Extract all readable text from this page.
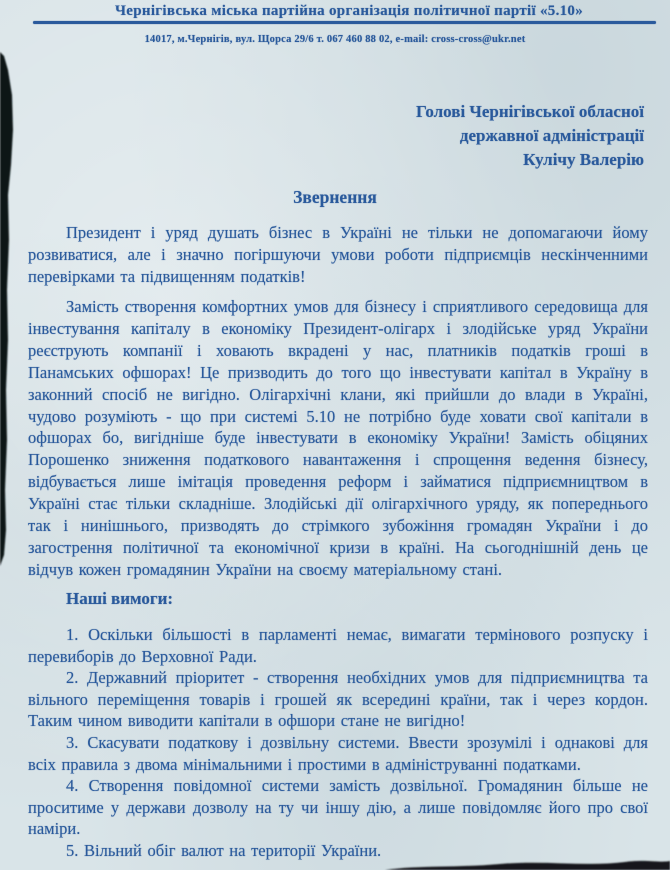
Чернігівська міська партійна організація політичної партії «5.10»
14017, м.Чернігів, вул. Щорса 29/6 т. 067 460 88 02, e-mail: cross-cross@ukr.net
Голові Чернігівської обласної
державної адміністрації
Кулічу Валерію
Звернення

Президент і уряд душать бізнес в Україні не тільки не допомагаючи йому розвиватися, але і значно погіршуючи умови роботи підприємців нескінченними перевірками та підвищенням податків!

Замість створення комфортних умов для бізнесу і сприятливого середовища для інвестування капіталу в економіку Президент-олігарх і злодійське уряд України реєструють компанії і ховають вкрадені у нас, платників податків гроші в Панамських офшорах! Це призводить до того що інвестувати капітал в Україну в законний спосіб не вигідно. Олігархічні клани, які прийшли до влади в Україні, чудово розуміють - що при системі 5.10 не потрібно буде ховати свої капітали в офшорах бо, вигідніше буде інвестувати в економіку України! Замість обіцяних Порошенко зниження податкового навантаження і спрощення ведення бізнесу, відбувається лише імітація проведення реформ і займатися підприємництвом в Україні стає тільки складніше. Злодійські дії олігархічного уряду, як попереднього так і нинішнього, призводять до стрімкого зубожіння громадян України і до загострення політичної та економічної кризи в країні. На сьогоднішній день це відчув кожен громадянин України на своєму матеріальному стані.

Наші вимоги:

1. Оскільки більшості в парламенті немає, вимагати термінового розпуску і перевиборів до Верховної Ради.

2. Державний пріоритет - створення необхідних умов для підприємництва та вільного переміщення товарів і грошей як всередині країни, так і через кордон. Таким чином виводити капітали в офшори стане не вигідно!

3. Скасувати податкову і дозвільну системи. Ввести зрозумілі і однакові для всіх правила з двома мінімальними і простими в адмініструванні податками.

4. Створення повідомної системи замість дозвільної. Громадянин більше не проситиме у держави дозволу на ту чи іншу дію, а лише повідомляє його про свої наміри.

5. Вільний обіг валют на території України.
